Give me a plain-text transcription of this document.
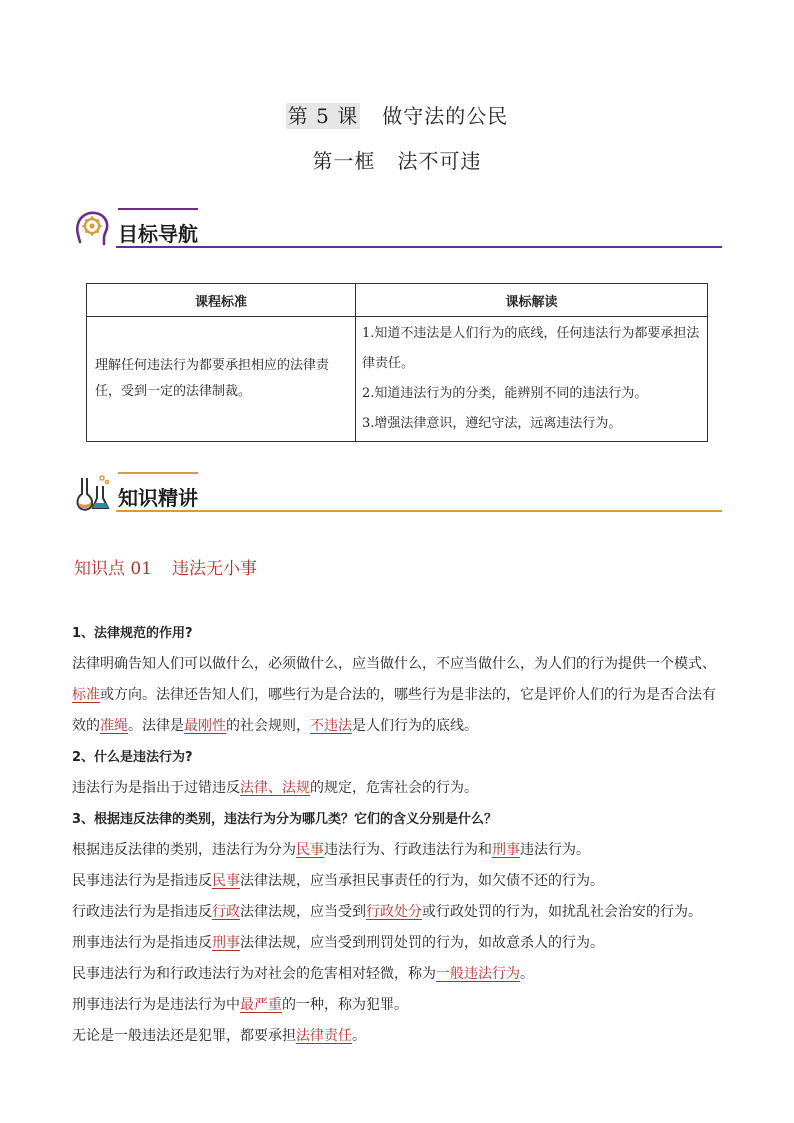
第 5 课 做守法的公民
第一框 法不可违
目标导航
课程标准	课标解读
理解任何违法行为都要承担相应的法律责任，受到一定的法律制裁。	1.知道不违法是人们行为的底线，任何违法行为都要承担法律责任。

2.知道违法行为的分类，能辨别不同的违法行为。

3.增强法律意识，遵纪守法，远离违法行为。

知识精讲
知识点 01 违法无小事

1、法律规范的作用?

法律明确告知人们可以做什么，必须做什么，应当做什么，不应当做什么，为人们的行为提供一个模式、

标准或方向。法律还告知人们，哪些行为是合法的，哪些行为是非法的，它是评价人们的行为是否合法有

效的准绳。法律是最刚性的社会规则，不违法是人们行为的底线。

2、什么是违法行为?

违法行为是指出于过错违反法律、法规的规定，危害社会的行为。

3、根据违反法律的类别，违法行为分为哪几类？它们的含义分别是什么？

根据违反法律的类别，违法行为分为民事违法行为、行政违法行为和刑事违法行为。

民事违法行为是指违反民事法律法规，应当承担民事责任的行为，如欠债不还的行为。

行政违法行为是指违反行政法律法规，应当受到行政处分或行政处罚的行为，如扰乱社会治安的行为。

刑事违法行为是指违反刑事法律法规，应当受到刑罚处罚的行为，如故意杀人的行为。

民事违法行为和行政违法行为对社会的危害相对轻微，称为一般违法行为。

刑事违法行为是违法行为中最严重的一种，称为犯罪。

无论是一般违法还是犯罪，都要承担法律责任。
